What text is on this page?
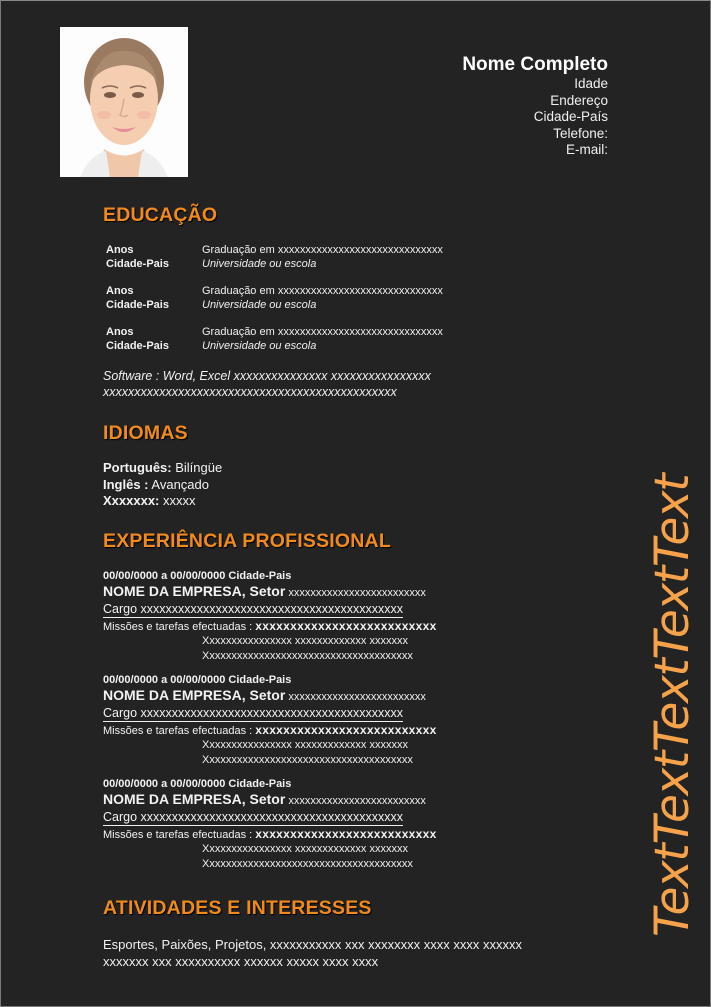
Nome Completo
Idade
Endereço
Cidade-País
Telefone:
E-mail:
EDUCAÇÃO
Anos	Graduação em xxxxxxxxxxxxxxxxxxxxxxxxxxxxxx
Cidade-Pais	Universidade ou escola
Anos	Graduação em xxxxxxxxxxxxxxxxxxxxxxxxxxxxxx
Cidade-Pais	Universidade ou escola
Anos	Graduação em xxxxxxxxxxxxxxxxxxxxxxxxxxxxxx
Cidade-Pais	Universidade ou escola
Software : Word, Excel xxxxxxxxxxxxxxx xxxxxxxxxxxxxxxx
xxxxxxxxxxxxxxxxxxxxxxxxxxxxxxxxxxxxxxxxxxxxxxx
IDIOMAS
Português: Bilíngüe
Inglês : Avançado
Xxxxxxx: xxxxx
EXPERIÊNCIA PROFISSIONAL
00/00/0000 a 00/00/0000 Cidade-Pais
NOME DA EMPRESA, Setor xxxxxxxxxxxxxxxxxxxxxxxxx
Cargo xxxxxxxxxxxxxxxxxxxxxxxxxxxxxxxxxxxxxxxxxx
Missões e tarefas efectuadas : xxxxxxxxxxxxxxxxxxxxxxxxxx
Xxxxxxxxxxxxxxxx xxxxxxxxxxxxx xxxxxxx
Xxxxxxxxxxxxxxxxxxxxxxxxxxxxxxxxxxxxxx
00/00/0000 a 00/00/0000 Cidade-Pais
NOME DA EMPRESA, Setor xxxxxxxxxxxxxxxxxxxxxxxxx
Cargo xxxxxxxxxxxxxxxxxxxxxxxxxxxxxxxxxxxxxxxxxx
Missões e tarefas efectuadas : xxxxxxxxxxxxxxxxxxxxxxxxxx
Xxxxxxxxxxxxxxxx xxxxxxxxxxxxx xxxxxxx
Xxxxxxxxxxxxxxxxxxxxxxxxxxxxxxxxxxxxxx
00/00/0000 a 00/00/0000 Cidade-Pais
NOME DA EMPRESA, Setor xxxxxxxxxxxxxxxxxxxxxxxxx
Cargo xxxxxxxxxxxxxxxxxxxxxxxxxxxxxxxxxxxxxxxxxx
Missões e tarefas efectuadas : xxxxxxxxxxxxxxxxxxxxxxxxxx
Xxxxxxxxxxxxxxxx xxxxxxxxxxxxx xxxxxxx
Xxxxxxxxxxxxxxxxxxxxxxxxxxxxxxxxxxxxxx
ATIVIDADES E INTERESSES
Esportes, Paixões, Projetos, xxxxxxxxxxx xxx xxxxxxxx xxxx xxxx xxxxxx
xxxxxxx xxx xxxxxxxxxx xxxxxx xxxxx xxxx xxxx
TextTextTextTextText
